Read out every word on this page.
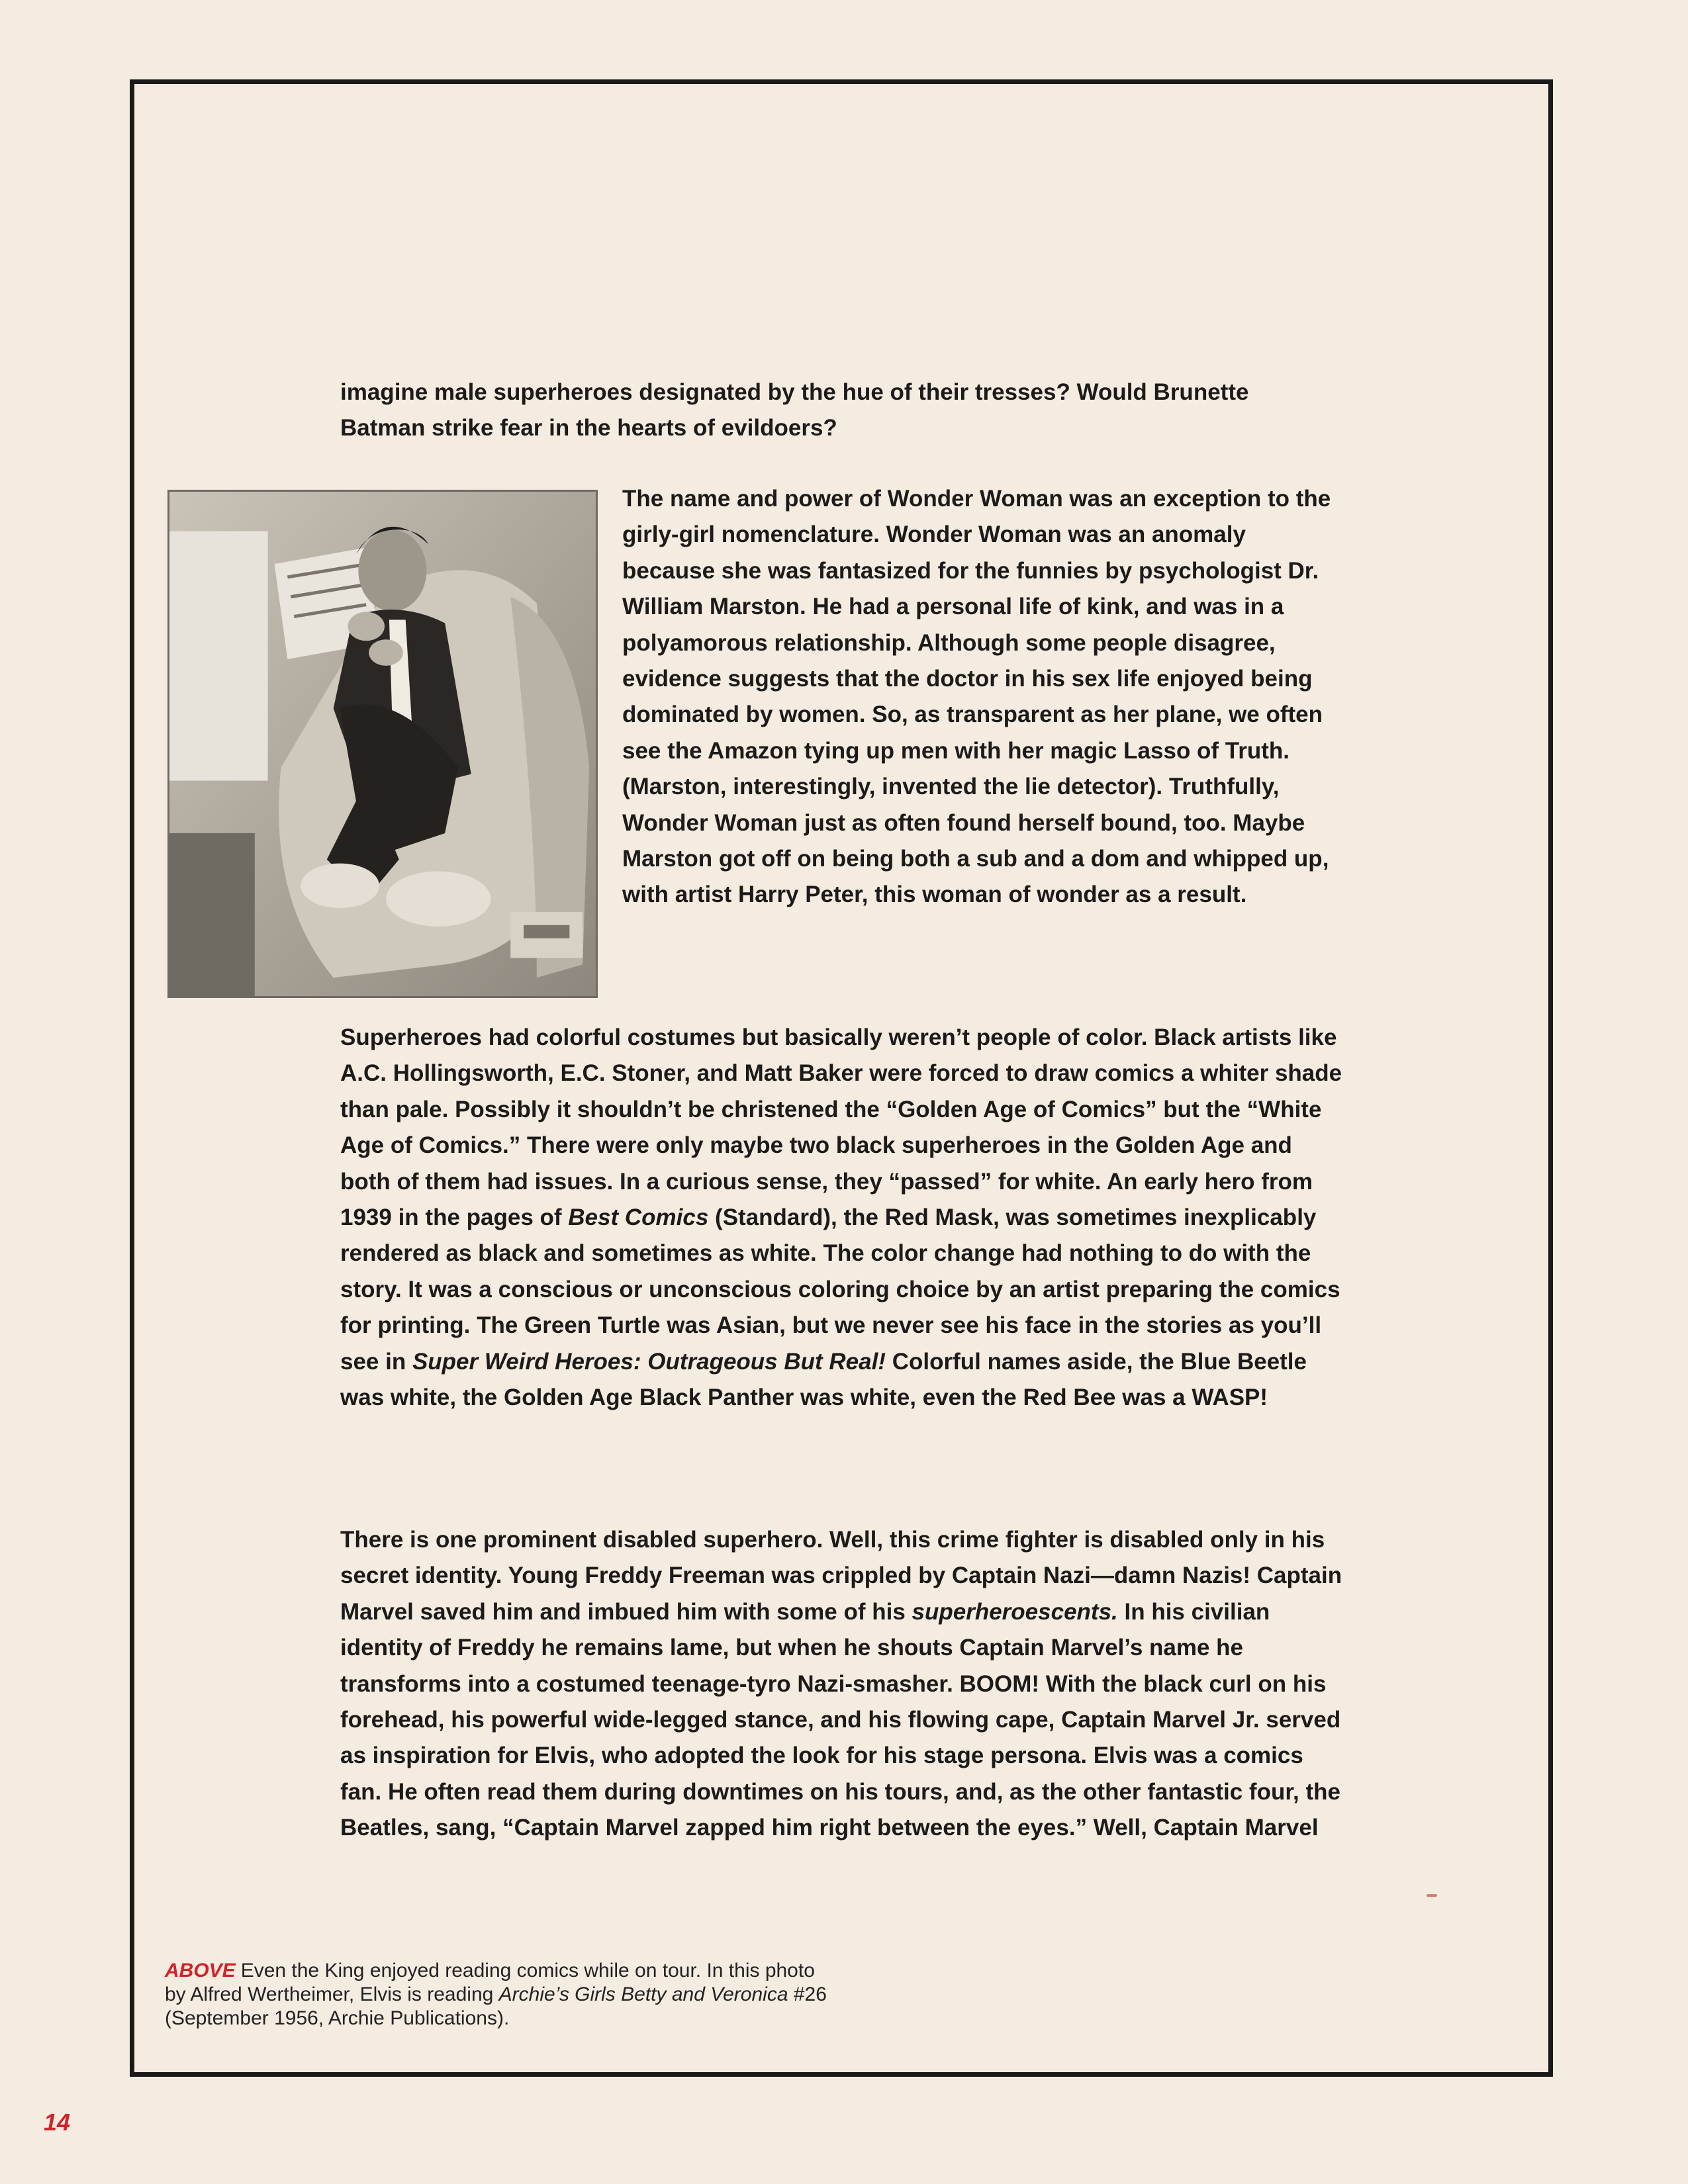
imagine male superheroes designated by the hue of their tresses? Would Brunette Batman strike fear in the hearts of evildoers?

The name and power of Wonder Woman was an exception to the girly-girl nomenclature. Wonder Woman was an anomaly because she was fantasized for the funnies by psychologist Dr. William Marston. He had a personal life of kink, and was in a polyamorous relationship. Although some people disagree, evidence suggests that the doctor in his sex life enjoyed being dominated by women. So, as transparent as her plane, we often see the Amazon tying up men with her magic Lasso of Truth. (Marston, interestingly, invented the lie detector). Truthfully, Wonder Woman just as often found herself bound, too. Maybe Marston got off on being both a sub and a dom and whipped up, with artist Harry Peter, this woman of wonder as a result.

Superheroes had colorful costumes but basically weren’t people of color. Black artists like A.C. Hollingsworth, E.C. Stoner, and Matt Baker were forced to draw comics a whiter shade than pale. Possibly it shouldn’t be christened the “Golden Age of Comics” but the “White Age of Comics.” There were only maybe two black superheroes in the Golden Age and both of them had issues. In a curious sense, they “passed” for white. An early hero from 1939 in the pages of Best Comics (Standard), the Red Mask, was sometimes inexplicably rendered as black and sometimes as white. The color change had nothing to do with the story. It was a conscious or unconscious coloring choice by an artist preparing the comics for printing. The Green Turtle was Asian, but we never see his face in the stories as you’ll see in Super Weird Heroes: Outrageous But Real! Colorful names aside, the Blue Beetle was white, the Golden Age Black Panther was white, even the Red Bee was a WASP!

There is one prominent disabled superhero. Well, this crime fighter is disabled only in his secret identity. Young Freddy Freeman was crippled by Captain Nazi—damn Nazis! Captain Marvel saved him and imbued him with some of his superheroescents. In his civilian identity of Freddy he remains lame, but when he shouts Captain Marvel’s name he transforms into a costumed teenage-tyro Nazi-smasher. BOOM! With the black curl on his forehead, his powerful wide-legged stance, and his flowing cape, Captain Marvel Jr. served as inspiration for Elvis, who adopted the look for his stage persona. Elvis was a comics fan. He often read them during downtimes on his tours, and, as the other fantastic four, the Beatles, sang, “Captain Marvel zapped him right between the eyes.” Well, Captain Marvel

ABOVE Even the King enjoyed reading comics while on tour. In this photo by Alfred Wertheimer, Elvis is reading Archie’s Girls Betty and Veronica #26 (September 1956, Archie Publications).

14
